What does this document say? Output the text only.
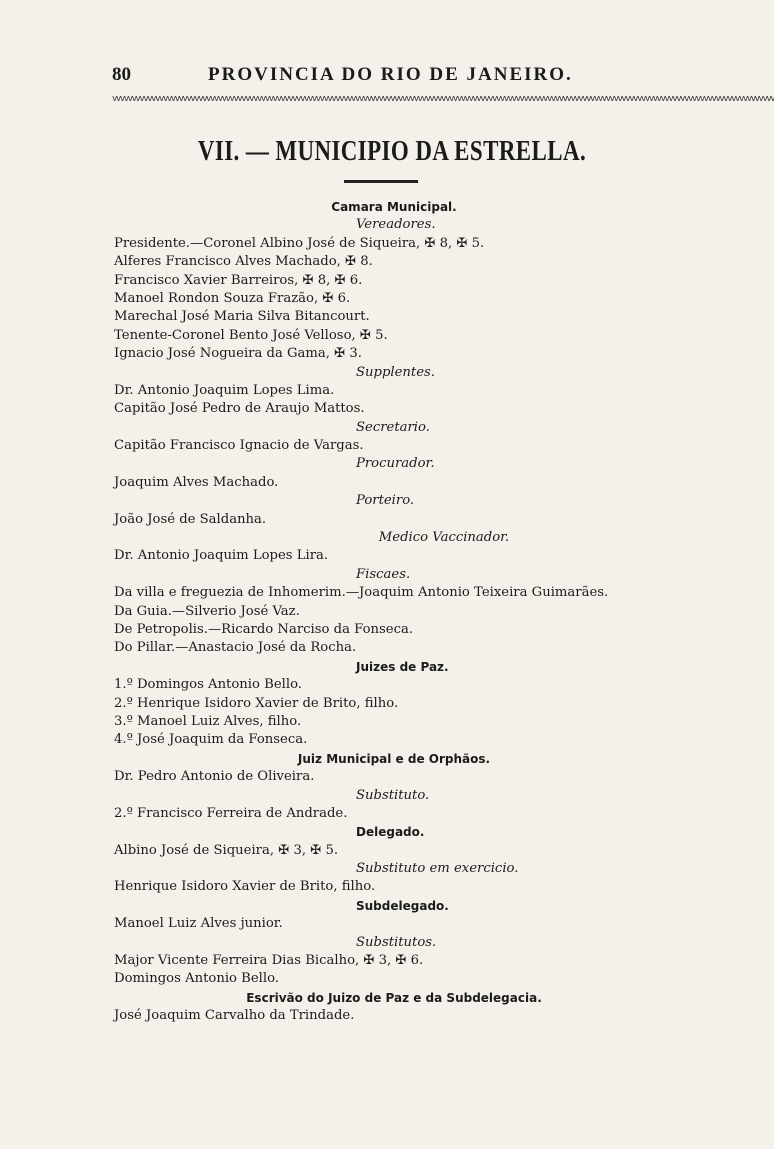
80	PROVINCIA DO RIO DE JANEIRO.
vvvvvvvvvvvvvvvvvvvvvvvvvvvvvvvvvvvvvvvvvvvvvvvvvvvvvvvvvvvvvvvvvvvvvvvvvvvvvvvvvvvvvvvvvvvvvvvvvvvvvvvvvvvvvvvvvvvvvvvvvvvvvvvvvvvvvvvvvvvvvvvvvvvvvvvvvvvvvvvvvvvvvvvvv
VII. — MUNICIPIO DA ESTRELLA.
Camara Municipal.
Vereadores.
Presidente.—Coronel Albino José de Siqueira, ✠ 8, ✠ 5.
Alferes Francisco Alves Machado, ✠ 8.
Francisco Xavier Barreiros, ✠ 8, ✠ 6.
Manoel Rondon Souza Frazão, ✠ 6.
Marechal José Maria Silva Bitancourt.
Tenente-Coronel Bento José Velloso, ✠ 5.
Ignacio José Nogueira da Gama, ✠ 3.
Supplentes.
Dr. Antonio Joaquim Lopes Lima.
Capitão José Pedro de Araujo Mattos.
Secretario.
Capitão Francisco Ignacio de Vargas.
Procurador.
Joaquim Alves Machado.
Porteiro.
João José de Saldanha.
Medico Vaccinador.
Dr. Antonio Joaquim Lopes Lira.
Fiscaes.
Da villa e freguezia de Inhomerim.—Joaquim Antonio Teixeira Guimarães.
Da Guia.—Silverio José Vaz.
De Petropolis.—Ricardo Narciso da Fonseca.
Do Pillar.—Anastacio José da Rocha.
Juizes de Paz.
1.º Domingos Antonio Bello.
2.º Henrique Isidoro Xavier de Brito, filho.
3.º Manoel Luiz Alves, filho.
4.º José Joaquim da Fonseca.
Juiz Municipal e de Orphãos.
Dr. Pedro Antonio de Oliveira.
Substituto.
2.º Francisco Ferreira de Andrade.
Delegado.
Albino José de Siqueira, ✠ 3, ✠ 5.
Substituto em exercicio.
Henrique Isidoro Xavier de Brito, filho.
Subdelegado.
Manoel Luiz Alves junior.
Substitutos.
Major Vicente Ferreira Dias Bicalho, ✠ 3, ✠ 6.
Domingos Antonio Bello.
Escrivão do Juizo de Paz e da Subdelegacia.
José Joaquim Carvalho da Trindade.
